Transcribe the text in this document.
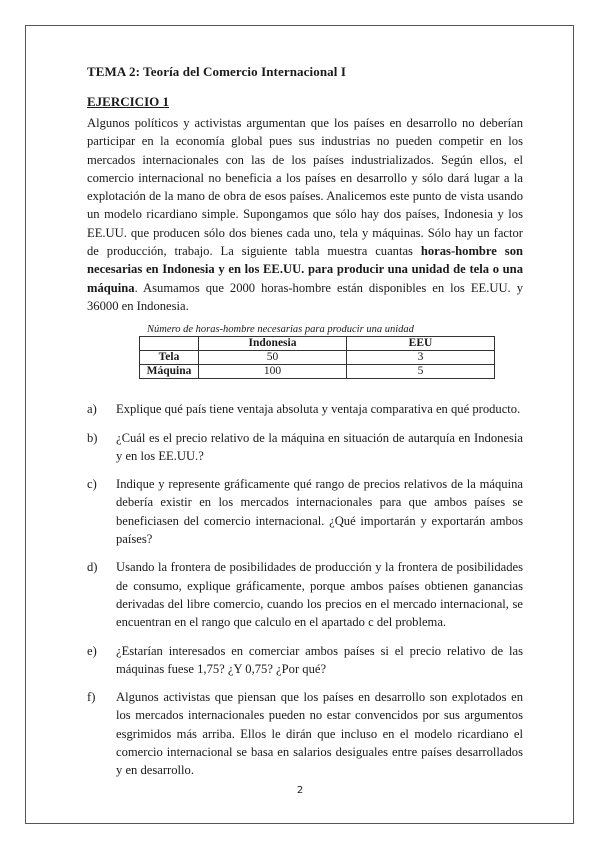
TEMA 2: Teoría del Comercio Internacional I

EJERCICIO 1

Algunos políticos y activistas argumentan que los países en desarrollo no deberían participar en la economía global pues sus industrias no pueden competir en los mercados internacionales con las de los países industrializados. Según ellos, el comercio internacional no beneficia a los países en desarrollo y sólo dará lugar a la explotación de la mano de obra de esos países. Analicemos este punto de vista usando un modelo ricardiano simple. Supongamos que sólo hay dos países, Indonesia y los EE.UU. que producen sólo dos bienes cada uno, tela y máquinas. Sólo hay un factor de producción, trabajo. La siguiente tabla muestra cuantas horas-hombre son necesarias en Indonesia y en los EE.UU. para producir una unidad de tela o una máquina. Asumamos que 2000 horas-hombre están disponibles en los EE.UU. y 36000 en Indonesia.

Número de horas-hombre necesarias para producir una unidad
	Indonesia	EEU
Tela	50	3
Máquina	100	5
a) Explique qué país tiene ventaja absoluta y ventaja comparativa en qué producto.
b) ¿Cuál es el precio relativo de la máquina en situación de autarquía en Indonesia y en los EE.UU.?
c) Indique y represente gráficamente qué rango de precios relativos de la máquina debería existir en los mercados internacionales para que ambos países se beneficiasen del comercio internacional. ¿Qué importarán y exportarán ambos países?
d) Usando la frontera de posibilidades de producción y la frontera de posibilidades de consumo, explique gráficamente, porque ambos países obtienen ganancias derivadas del libre comercio, cuando los precios en el mercado internacional, se encuentran en el rango que calculo en el apartado c del problema.
e) ¿Estarían interesados en comerciar ambos países si el precio relativo de las máquinas fuese 1,75? ¿Y 0,75? ¿Por qué?
f) Algunos activistas que piensan que los países en desarrollo son explotados en los mercados internacionales pueden no estar convencidos por sus argumentos esgrimidos más arriba. Ellos le dirán que incluso en el modelo ricardiano el comercio internacional se basa en salarios desiguales entre países desarrollados y en desarrollo.
2
